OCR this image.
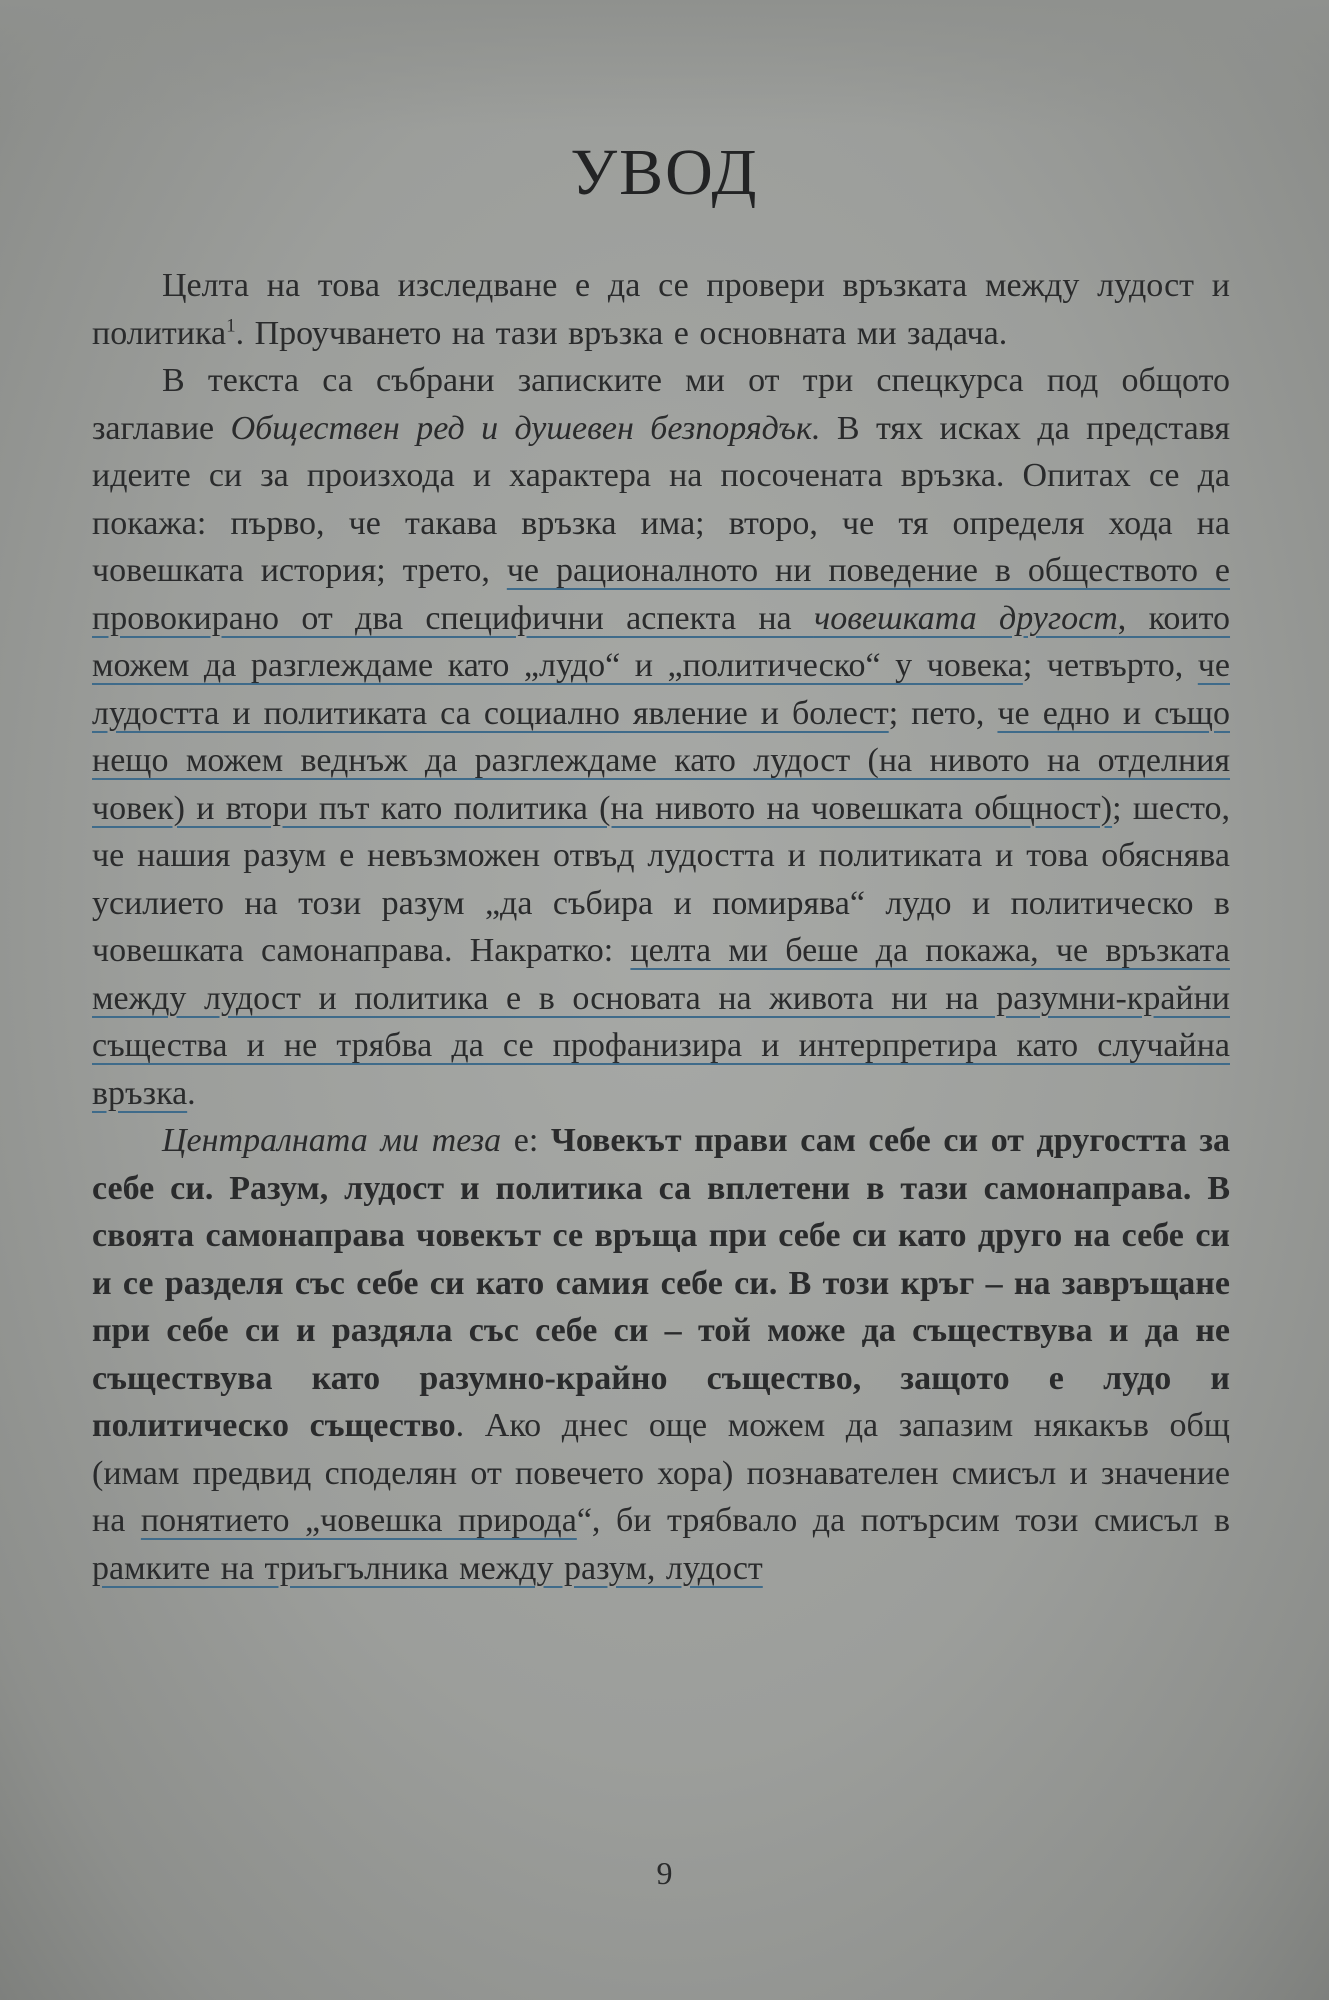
УВОД

Целта на това изследване е да се провери връзката между лудост и политика$^1$. Проучването на тази връзка е основната ми задача.

В текста са събрани записките ми от три спецкурса под общото заглавие Обществен ред и душевен безпорядък. В тях исках да представя идеите си за произхода и характера на посочената връзка. Опитах се да покажа: първо, че такава връзка има; второ, че тя определя хода на човешката история; трето, че рационалното ни поведение в обществото е провокирано от два специфични аспекта на човешката другост, които можем да разглеждаме като „лудо“ и „политическо“ у човека; четвърто, че лудостта и политиката са социално явление и болест; пето, че едно и също нещо можем веднъж да разглеждаме като лудост (на нивото на отделния човек) и втори път като политика (на нивото на човешката общност); шесто, че нашия разум е невъзможен отвъд лудостта и политиката и това обяснява усилието на този разум „да събира и помирява“ лудо и политическо в човешката самонаправа. Накратко: целта ми беше да покажа, че връзката между лудост и политика е в основата на живота ни на разумни-крайни същества и не трябва да се профанизира и интерпретира като случайна връзка.

Централната ми теза е: Човекът прави сам себе си от другостта за себе си. Разум, лудост и политика са вплетени в тази самонаправа. В своята самонаправа човекът се връща при себе си като друго на себе си и се разделя със себе си като самия себе си. В този кръг – на завръщане при себе си и раздяла със себе си – той може да съществува и да не съществува като разумно-крайно същество, защото е лудо и политическо същество. Ако днес още можем да запазим някакъв общ (имам предвид споделян от повечето хора) познавателен смисъл и значение на понятието „човешка природа“, би трябвало да потърсим този смисъл в рамките на триъгълника между разум, лудост

9
